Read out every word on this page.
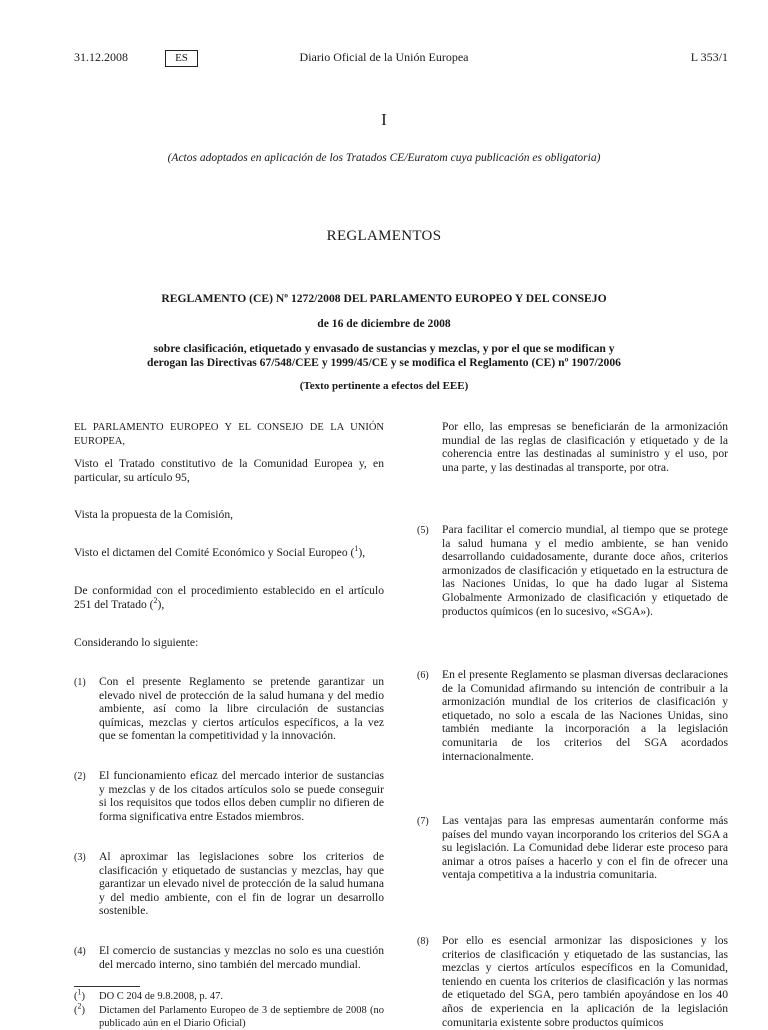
31.12.2008	ES	Diario Oficial de la Unión Europea	L 353/1
I
(Actos adoptados en aplicación de los Tratados CE/Euratom cuya publicación es obligatoria)
REGLAMENTOS
REGLAMENTO (CE) Nº 1272/2008 DEL PARLAMENTO EUROPEO Y DEL CONSEJO
de 16 de diciembre de 2008
sobre clasificación, etiquetado y envasado de sustancias y mezclas, y por el que se modifican y
derogan las Directivas 67/548/CEE y 1999/45/CE y se modifica el Reglamento (CE) nº 1907/2006
(Texto pertinente a efectos del EEE)
EL PARLAMENTO EUROPEO Y EL CONSEJO DE LA UNIÓN EUROPEA,
Visto el Tratado constitutivo de la Comunidad Europea y, en particular, su artículo 95,
Vista la propuesta de la Comisión,
Visto el dictamen del Comité Económico y Social Europeo ($^1$),
De conformidad con el procedimiento establecido en el artículo 251 del Tratado ($^2$),
Considerando lo siguiente:
(1)	Con el presente Reglamento se pretende garantizar un elevado nivel de protección de la salud humana y del medio ambiente, así como la libre circulación de sustancias químicas, mezclas y ciertos artículos específicos, a la vez que se fomentan la competitividad y la innovación.
(2)	El funcionamiento eficaz del mercado interior de sustancias y mezclas y de los citados artículos solo se puede conseguir si los requisitos que todos ellos deben cumplir no difieren de forma significativa entre Estados miembros.
(3)	Al aproximar las legislaciones sobre los criterios de clasificación y etiquetado de sustancias y mezclas, hay que garantizar un elevado nivel de protección de la salud humana y del medio ambiente, con el fin de lograr un desarrollo sostenible.
(4)	El comercio de sustancias y mezclas no solo es una cuestión del mercado interno, sino también del mercado mundial.
($^1$) DO C 204 de 9.8.2008, p. 47.
($^2$) Dictamen del Parlamento Europeo de 3 de septiembre de 2008 (no publicado aún en el Diario Oficial)
Por ello, las empresas se beneficiarán de la armonización mundial de las reglas de clasificación y etiquetado y de la coherencia entre las destinadas al suministro y el uso, por una parte, y las destinadas al transporte, por otra.
(5)	Para facilitar el comercio mundial, al tiempo que se protege la salud humana y el medio ambiente, se han venido desarrollando cuidadosamente, durante doce años, criterios armonizados de clasificación y etiquetado en la estructura de las Naciones Unidas, lo que ha dado lugar al Sistema Globalmente Armonizado de clasificación y etiquetado de productos químicos (en lo sucesivo, «SGA»).
(6)	En el presente Reglamento se plasman diversas declaraciones de la Comunidad afirmando su intención de contribuir a la armonización mundial de los criterios de clasificación y etiquetado, no solo a escala de las Naciones Unidas, sino también mediante la incorporación a la legislación comunitaria de los criterios del SGA acordados internacionalmente.
(7)	Las ventajas para las empresas aumentarán conforme más países del mundo vayan incorporando los criterios del SGA a su legislación. La Comunidad debe liderar este proceso para animar a otros países a hacerlo y con el fin de ofrecer una ventaja competitiva a la industria comunitaria.
(8)	Por ello es esencial armonizar las disposiciones y los criterios de clasificación y etiquetado de las sustancias, las mezclas y ciertos artículos específicos en la Comunidad, teniendo en cuenta los criterios de clasificación y las normas de etiquetado del SGA, pero también apoyándose en los 40 años de experiencia en la aplicación de la legislación comunitaria existente sobre productos químicos
